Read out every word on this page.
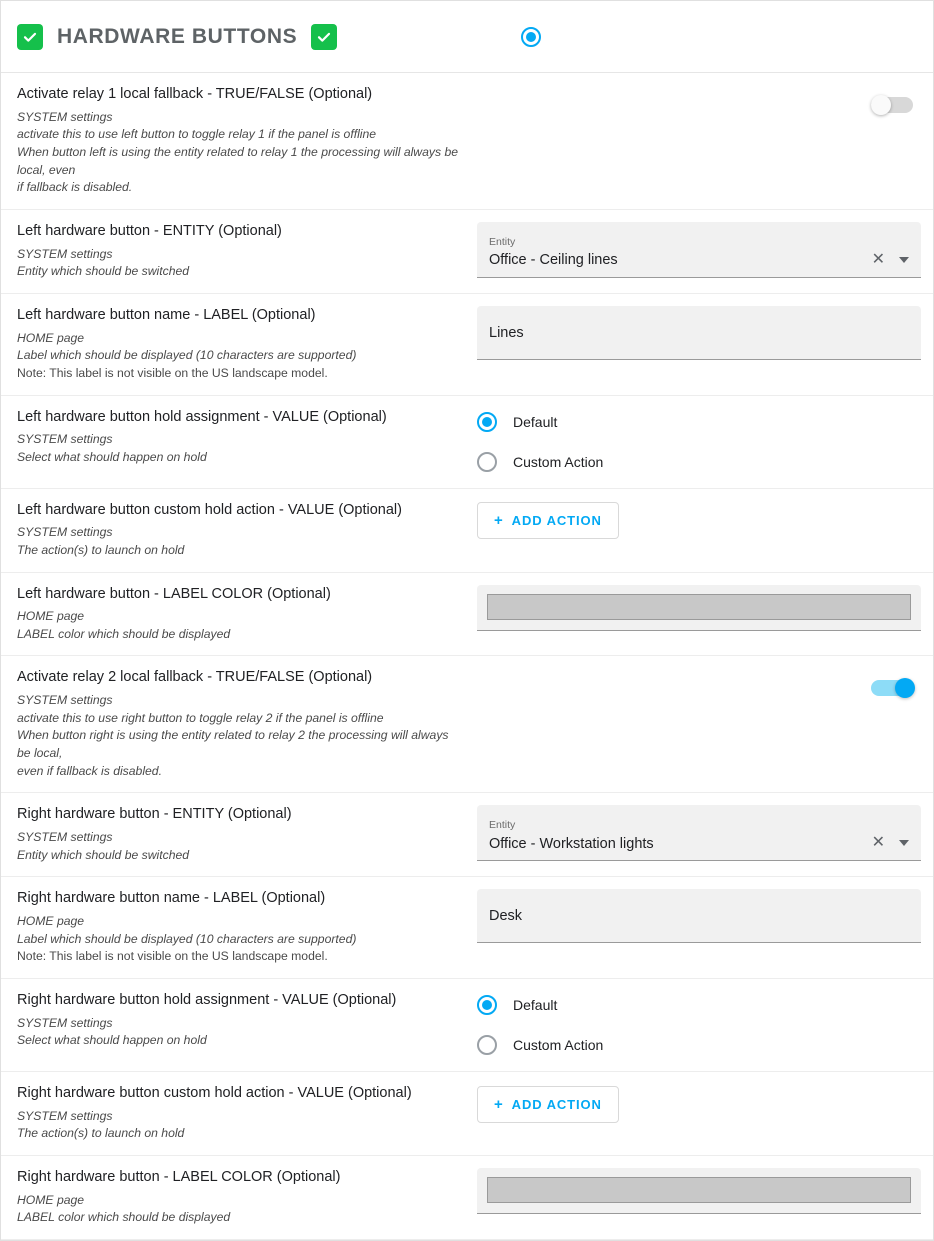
HARDWARE BUTTONS
Activate relay 1 local fallback - TRUE/FALSE (Optional)
SYSTEM settings
activate this to use left button to toggle relay 1 if the panel is offline
When button left is using the entity related to relay 1 the processing will always be local, even
if fallback is disabled.
Left hardware button - ENTITY (Optional)
SYSTEM settings
Entity which should be switched
Entity
Office - Ceiling lines	✕
Left hardware button name - LABEL (Optional)
HOME page
Label which should be displayed (10 characters are supported)
Note: This label is not visible on the US landscape model.
Lines
Left hardware button hold assignment - VALUE (Optional)
SYSTEM settings
Select what should happen on hold
Default
Custom Action
Left hardware button custom hold action - VALUE (Optional)
SYSTEM settings
The action(s) to launch on hold
+ ADD ACTION
Left hardware button - LABEL COLOR (Optional)
HOME page
LABEL color which should be displayed
Activate relay 2 local fallback - TRUE/FALSE (Optional)
SYSTEM settings
activate this to use right button to toggle relay 2 if the panel is offline
When button right is using the entity related to relay 2 the processing will always be local,
even if fallback is disabled.
Right hardware button - ENTITY (Optional)
SYSTEM settings
Entity which should be switched
Entity
Office - Workstation lights	✕
Right hardware button name - LABEL (Optional)
HOME page
Label which should be displayed (10 characters are supported)
Note: This label is not visible on the US landscape model.
Desk
Right hardware button hold assignment - VALUE (Optional)
SYSTEM settings
Select what should happen on hold
Default
Custom Action
Right hardware button custom hold action - VALUE (Optional)
SYSTEM settings
The action(s) to launch on hold
+ ADD ACTION
Right hardware button - LABEL COLOR (Optional)
HOME page
LABEL color which should be displayed
